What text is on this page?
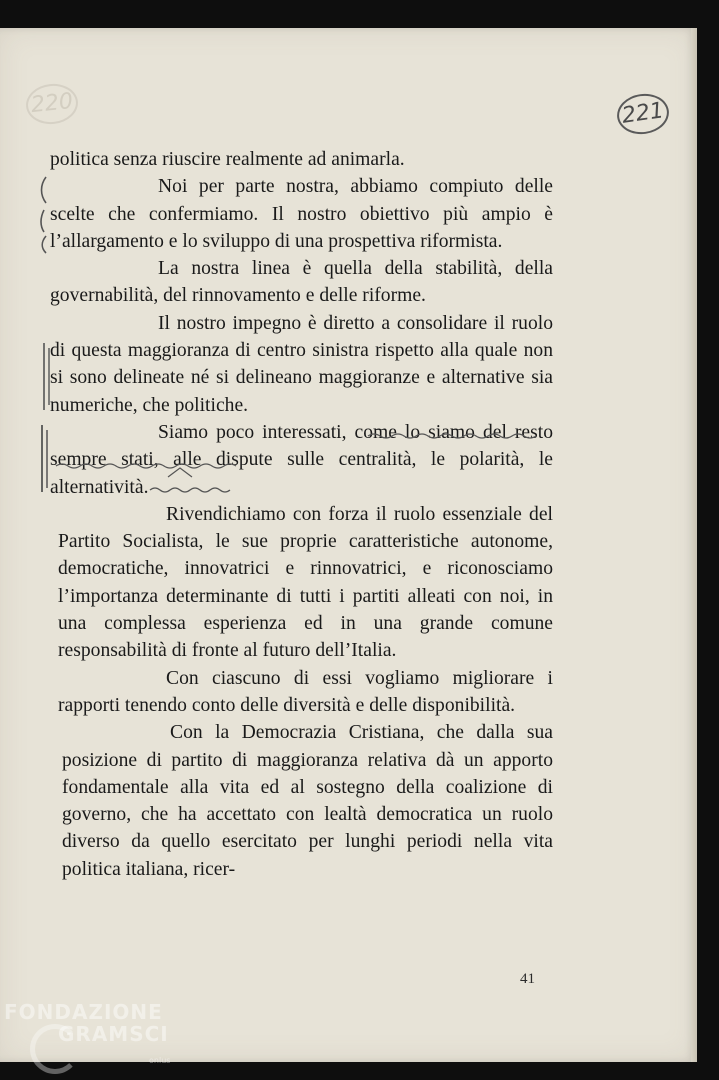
220	221

politica senza riuscire realmente ad animarla.

Noi per parte nostra, abbiamo compiuto delle scelte che confermiamo. Il nostro obiettivo più ampio è l’allargamento e lo sviluppo di una prospettiva riformista.

La nostra linea è quella della stabilità, della governabilità, del rinnovamento e delle riforme.

Il nostro impegno è diretto a consolidare il ruolo di questa maggioranza di centro sinistra rispetto alla quale non si sono delineate né si delineano maggioranze e alternative sia numeriche, che politiche.

Siamo poco interessati, come lo siamo del resto sempre stati, alle dispute sulle centralità, le polarità, le alternatività.

Rivendichiamo con forza il ruolo essenziale del Partito Socialista, le sue proprie caratteristiche autonome, democratiche, innovatrici e rinnovatrici, e riconosciamo l’importanza determinante di tutti i partiti alleati con noi, in una complessa esperienza ed in una grande comune responsabilità di fronte al futuro dell’Italia.

Con ciascuno di essi vogliamo migliorare i rapporti tenendo conto delle diversità e delle disponibilità.

Con la Democrazia Cristiana, che dalla sua posizione di partito di maggioranza relativa dà un apporto fondamentale alla vita ed al sostegno della coalizione di governo, che ha accettato con lealtà democratica un ruolo diverso da quello esercitato per lunghi periodi nella vita politica italiana, ricer-

41
FONDAZIONE
GRAMSCI
onlus
